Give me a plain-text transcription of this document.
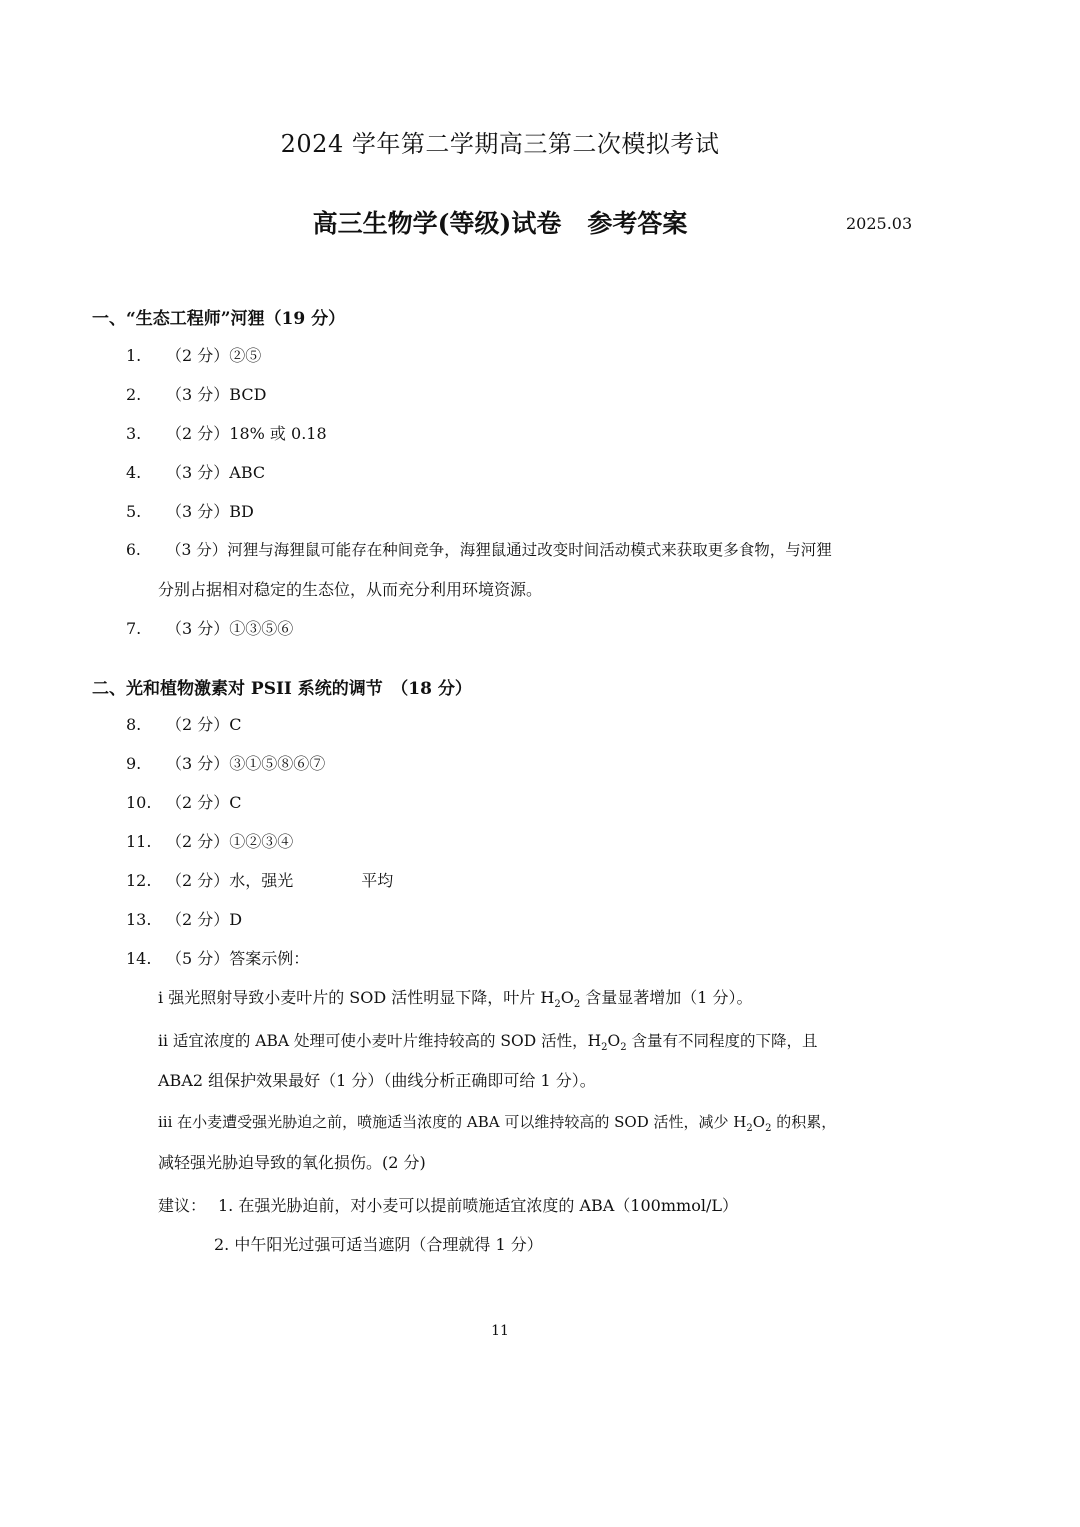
2024 学年第二学期高三第二次模拟考试
高三生物学(等级)试卷 参考答案	2025.03
一、“生态工程师”河狸（19 分）
1. （2 分）②⑤
2. （3 分）BCD
3. （2 分）18% 或 0.18
4. （3 分）ABC
5. （3 分）BD
6. （3 分）河狸与海狸鼠可能存在种间竞争，海狸鼠通过改变时间活动模式来获取更多食物，与河狸
分别占据相对稳定的生态位，从而充分利用环境资源。
7. （3 分）①③⑤⑥
二、光和植物激素对 PSII 系统的调节　（18 分）
8. （2 分）C
9. （3 分）③①⑤⑧⑥⑦
10. （2 分）C
11. （2 分）①②③④
12. （2 分）水，强光	平均
13. （2 分）D
14. （5 分）答案示例：
i 强光照射导致小麦叶片的 SOD 活性明显下降，叶片 $H_2O_2$ 含量显著增加（1 分）。
ii 适宜浓度的 ABA 处理可使小麦叶片维持较高的 SOD 活性，$H_2O_2$ 含量有不同程度的下降，且
ABA2 组保护效果最好（1 分）（曲线分析正确即可给 1 分）。
iii 在小麦遭受强光胁迫之前，喷施适当浓度的 ABA 可以维持较高的 SOD 活性，减少 $H_2O_2$ 的积累，
减轻强光胁迫导致的氧化损伤。(2 分)
建议： 1. 在强光胁迫前，对小麦可以提前喷施适宜浓度的 ABA（100mmol/L）
2. 中午阳光过强可适当遮阴（合理就得 1 分）
11
